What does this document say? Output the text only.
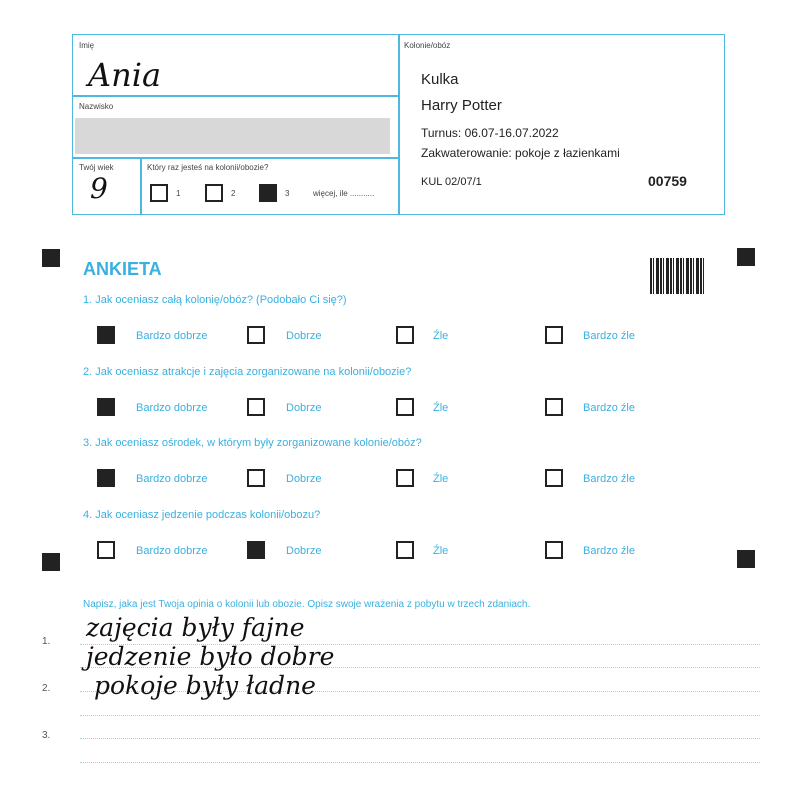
Imię
Ania
Nazwisko
Twój wiek
9
Który raz jesteś na kolonii/obozie?
1	2	3	więcej, ile ...........
Kolonie/obóz
Kulka
Harry Potter
Turnus: 06.07-16.07.2022
Zakwaterowanie: pokoje z łazienkami
KUL 02/07/1	00759
ANKIETA
1. Jak oceniasz całą kolonię/obóz? (Podobało Ci się?)
Bardzo dobrze	Dobrze	Źle	Bardzo źle
2. Jak oceniasz atrakcje i zajęcia zorganizowane na kolonii/obozie?
Bardzo dobrze	Dobrze	Źle	Bardzo źle
3. Jak oceniasz ośrodek, w którym były zorganizowane kolonie/obóz?
Bardzo dobrze	Dobrze	Źle	Bardzo źle
4. Jak oceniasz jedzenie podczas kolonii/obozu?
Bardzo dobrze	Dobrze	Źle	Bardzo źle
Napisz, jaka jest Twoja opinia o kolonii lub obozie. Opisz swoje wrażenia z pobytu w trzech zdaniach.
1.
2.
3.
zajęcia były fajne
jedzenie było dobre
pokoje były ładne
